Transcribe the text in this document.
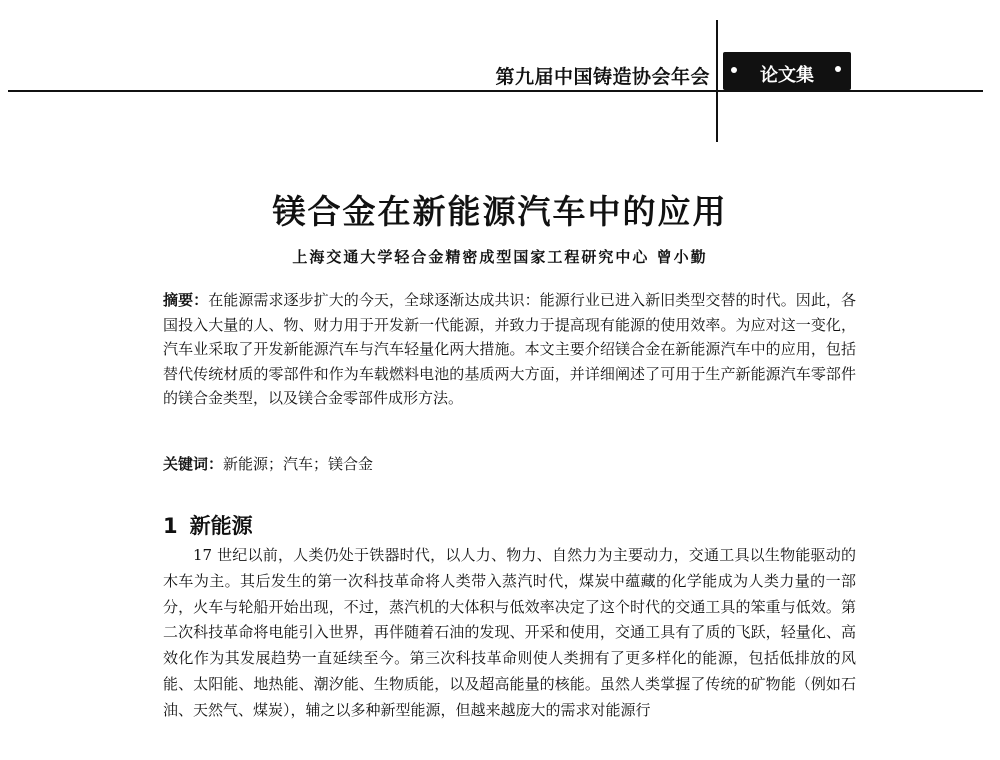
第九届中国铸造协会年会	论文集
镁合金在新能源汽车中的应用
上海交通大学轻合金精密成型国家工程研究中心 曾小勤
摘要：在能源需求逐步扩大的今天，全球逐渐达成共识：能源行业已进入新旧类型交替的时代。因此，各国投入大量的人、物、财力用于开发新一代能源，并致力于提高现有能源的使用效率。为应对这一变化，汽车业采取了开发新能源汽车与汽车轻量化两大措施。本文主要介绍镁合金在新能源汽车中的应用，包括替代传统材质的零部件和作为车载燃料电池的基质两大方面，并详细阐述了可用于生产新能源汽车零部件的镁合金类型，以及镁合金零部件成形方法。
关键词：新能源；汽车；镁合金
1 新能源
17 世纪以前，人类仍处于铁器时代，以人力、物力、自然力为主要动力，交通工具以生物能驱动的木车为主。其后发生的第一次科技革命将人类带入蒸汽时代，煤炭中蕴藏的化学能成为人类力量的一部分，火车与轮船开始出现，不过，蒸汽机的大体积与低效率决定了这个时代的交通工具的笨重与低效。第二次科技革命将电能引入世界，再伴随着石油的发现、开采和使用，交通工具有了质的飞跃，轻量化、高效化作为其发展趋势一直延续至今。第三次科技革命则使人类拥有了更多样化的能源，包括低排放的风能、太阳能、地热能、潮汐能、生物质能，以及超高能量的核能。虽然人类掌握了传统的矿物能（例如石油、天然气、煤炭），辅之以多种新型能源，但越来越庞大的需求对能源行
